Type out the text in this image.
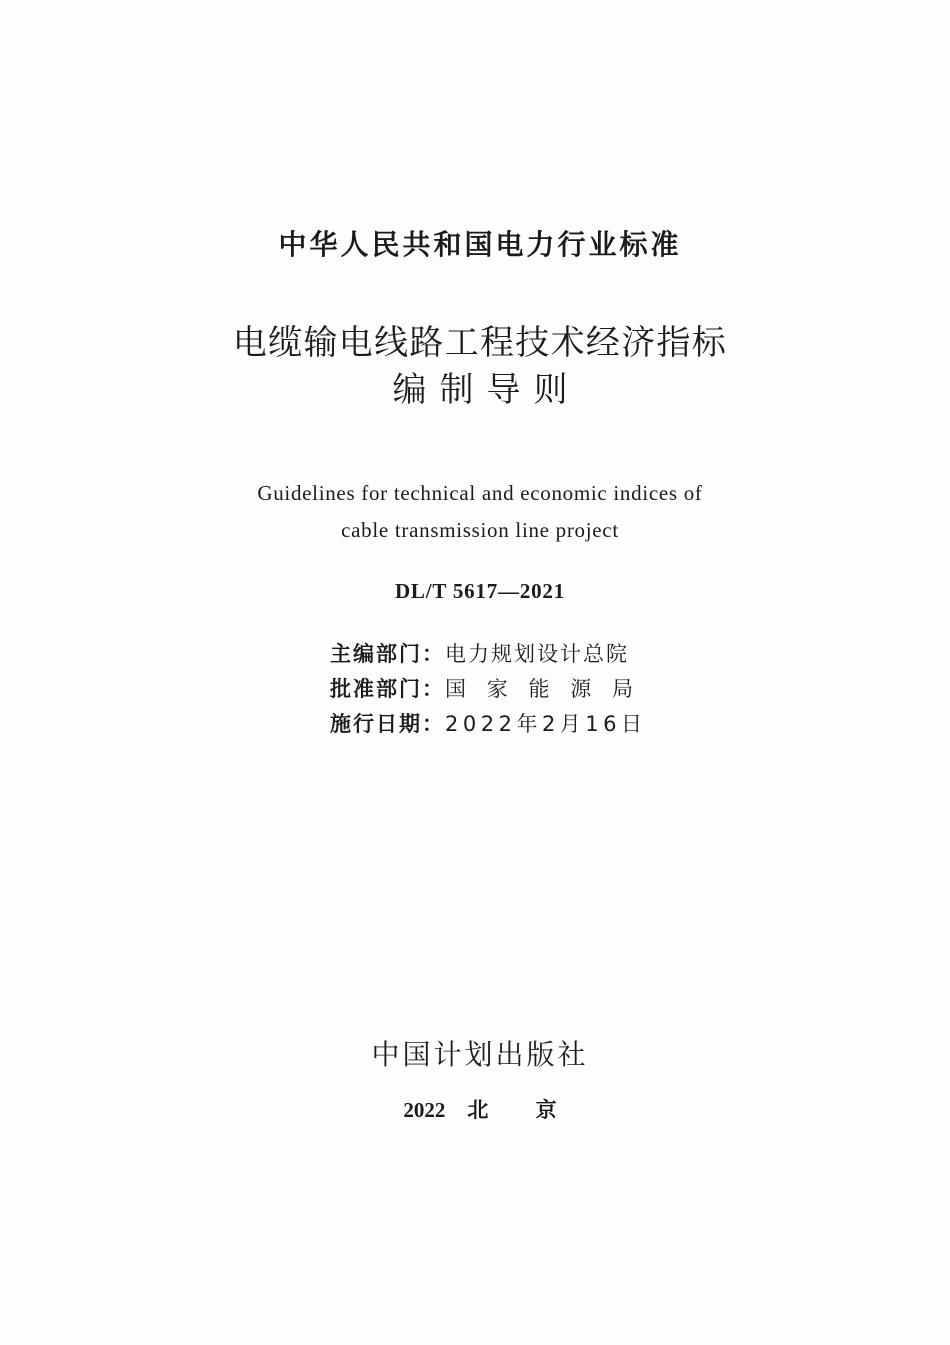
中华人民共和国电力行业标准
电缆输电线路工程技术经济指标
编制导则
Guidelines for technical and economic indices of
cable transmission line project
DL/T 5617—2021
主编部门： 电力规划设计总院
批准部门： 国 家 能 源 局
施行日期： 2022年2月16日
中国计划出版社
2022 北 京
